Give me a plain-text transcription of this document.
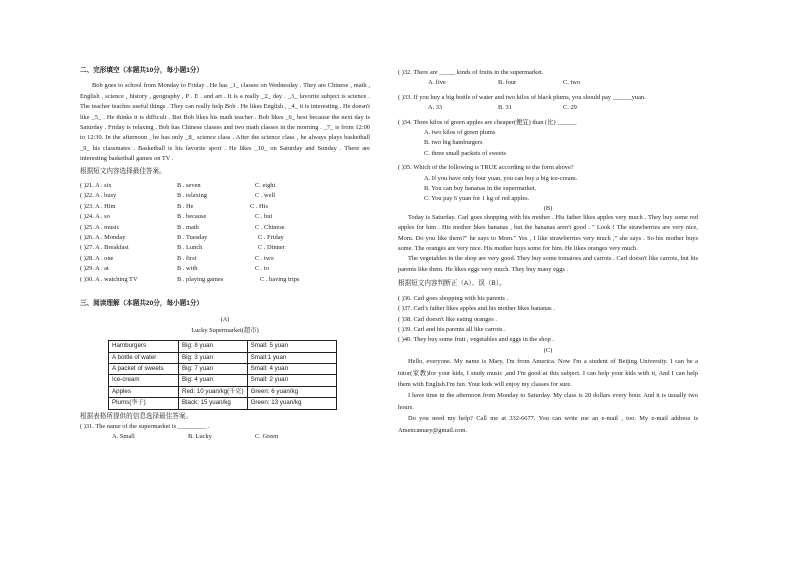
二、完形填空（本题共10分，每小题1分）
Bob goes to school from Monday to Friday . He has _1_ classes on Wednesday . They are Chinese , math , English , science , history , geography , P . E . and art . It is a really _2_ day . _3_ favorite subject is science . The teacher teaches useful things . They can really help Bob . He likes English , _4_ it is interesting . He doesn't like _5_ . He thinks it is difficult . But Bob likes his math teacher . Bob likes _6_ best because the next day is Saturday . Friday is relaxing . Bob has Chinese classes and two math classes in the morning . _7_ is from 12:00 to 12:30. In the afternoon , he has only _8_ science class . After the science class , he always plays basketball _9_ his classmates . Basketball is his favorite sport . He likes _10_ on Saturday and Sunday . There are interesting basketball games on TV .
根据短文内容选择最佳答案。
( )21. A . six	B . seven	C. eight
( )22. A . busy	B . relaxing	C . well
( )23. A . Him	B . He	C . His
( )24. A . so	B . because	C . but
( )25. A . music	B . math	C . Chinese
( )26. A . Monday	B . Tuesday	C . Friday
( )27. A . Breakfast	B . Lunch	C . Dinner
( )28. A . one	B . first	C . two
( )29. A . at	B . with	C . to
( )30. A . watching TV	B . playing games	C . having trips
三、阅读理解（本题共20分，每小题1分）
(A)
Lucky Supermarket(超市)
Hamburgers	Big: 8 yuan	Small: 5 yuan
A bottle of water	Big: 3 yuan	Small:1 yuan
A packet of sweets	Big: 7 yuan	Small: 4 yuan
Ice-cream	Big: 4 yuan	Small: 2 yuan
Apples	Red: 10 yuan/kg(千克)	Green: 6 yuan/kg
Plums(李子)	Black: 15 yuan/kg	Green: 13 yuan/kg
根据表格所提供的信息选择最佳答案。
( )31. The name of the supermarket is _________ .
A. Small	B. Lucky	C. Green
( )32. There are _____ kinds of fruits in the supermarket.
A. five	B. four	C. two
( )33. If you buy a big bottle of water and two kilos of black plums, you should pay ______yuan.
A. 33	B. 31	C. 29
( )34. Three kilos of green apples are cheaper(便宜) than (比) ______
A. two kilos of green plums
B. two big hamburgers
C. three small packets of sweets
( )35. Which of the following is TRUE according to the form above?
A. If you have only four yuan, you can buy a big ice-cream.
B. You can buy bananas in the supermarket.
C. You pay 6 yuan for 1 kg of red apples.
(B)
Today is Saturday. Carl goes shopping with his mother . His father likes apples very much . They buy some red apples for him . His mother likes bananas , but the bananas aren't good . " Look ! The strawberries are very nice, Mom. Do you like them?" he says to Mom." Yes , I like strawberries very much ," she says . So his mother buys some. The oranges are very nice. His mother buys some for him. He likes oranges very much.
The vegetables in the shop are very good. They buy some tomatoes and carrots . Carl doesn't like carrots, but his parents like them. He likes eggs very much. They buy many eggs .
根据短文内容判断正（A）、误（B）。
( )36. Carl goes shopping with his parents .
( )37. Carl's father likes apples and his mother likes bananas .
( )38. Carl doesn't like eating oranges .
( )39. Carl and his parents all like carrots .
( )40. They buy some fruit , vegetables and eggs in the shop .
(C)
Hello, everyone. My name is Mary, I'm from America. Now I'm a student of Beijing University. I can be a tutor(家教)for your kids, I study music ,and I'm good at this subject. I can help your kids with it, And I can help them with English.I'm fun. Your kids will enjoy my classes for sure.
I have time in the afternoon from Monday to Saturday. My class is 20 dollars every hour. And it is usually two hours.
Do you need my help? Call me at 332-6677. You can write me an e-mail , too. My e-mail address is Amencamary@gmail.com.
